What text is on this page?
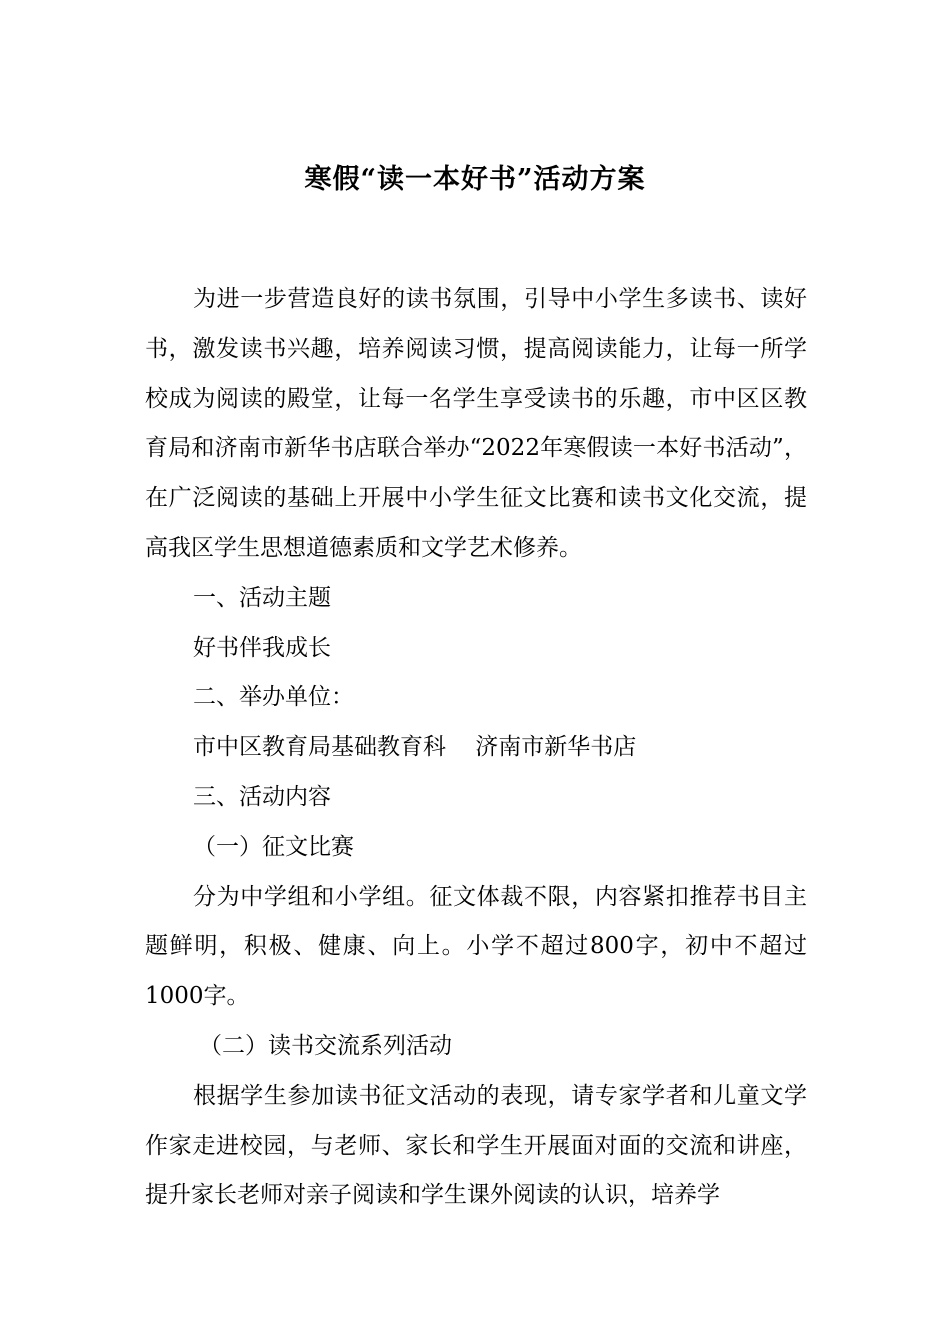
寒假“读一本好书”活动方案

为进一步营造良好的读书氛围，引导中小学生多读书、读好书，激发读书兴趣，培养阅读习惯，提高阅读能力，让每一所学校成为阅读的殿堂，让每一名学生享受读书的乐趣，市中区区教育局和济南市新华书店联合举办“2022年寒假读一本好书活动”，在广泛阅读的基础上开展中小学生征文比赛和读书文化交流，提高我区学生思想道德素质和文学艺术修养。

一、活动主题

好书伴我成长

二、举办单位：

市中区教育局基础教育科    济南市新华书店

三、活动内容

（一）征文比赛

分为中学组和小学组。征文体裁不限，内容紧扣推荐书目主题鲜明，积极、健康、向上。小学不超过800字，初中不超过1000字。

（二）读书交流系列活动

根据学生参加读书征文活动的表现，请专家学者和儿童文学作家走进校园，与老师、家长和学生开展面对面的交流和讲座，提升家长老师对亲子阅读和学生课外阅读的认识，培养学
